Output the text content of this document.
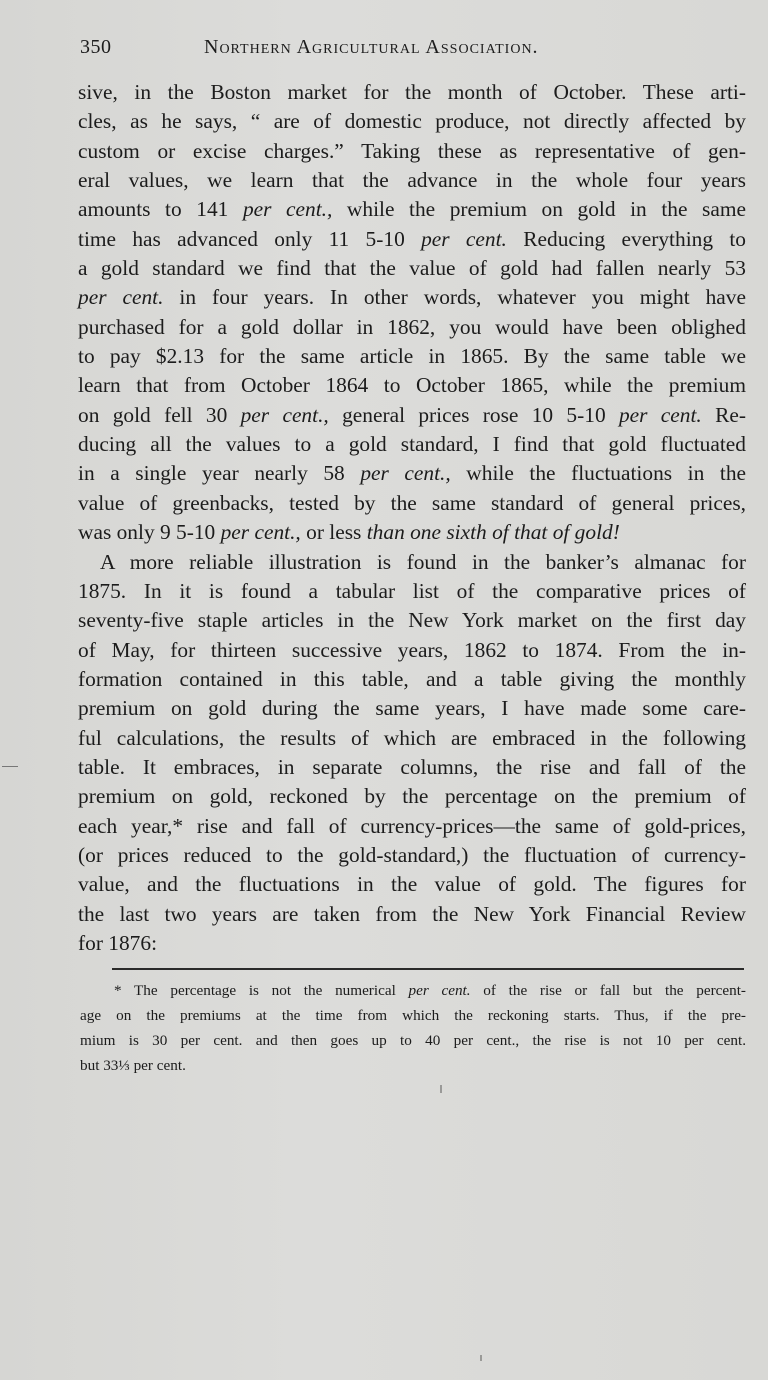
350	Northern Agricultural Association.
sive, in the Boston market for the month of October. These arti-
cles, as he says, “ are of domestic produce, not directly affected by
custom or excise charges.” Taking these as representative of gen-
eral values, we learn that the advance in the whole four years
amounts to 141 per cent., while the premium on gold in the same
time has advanced only 11 5-10 per cent. Reducing everything to
a gold standard we find that the value of gold had fallen nearly 53
per cent. in four years. In other words, whatever you might have
purchased for a gold dollar in 1862, you would have been oblighed
to pay $2.13 for the same article in 1865. By the same table we
learn that from October 1864 to October 1865, while the premium
on gold fell 30 per cent., general prices rose 10 5-10 per cent. Re-
ducing all the values to a gold standard, I find that gold fluctuated
in a single year nearly 58 per cent., while the fluctuations in the
value of greenbacks, tested by the same standard of general prices,
was only 9 5-10 per cent., or less than one sixth of that of gold!
A more reliable illustration is found in the banker’s almanac for
1875. In it is found a tabular list of the comparative prices of
seventy-five staple articles in the New York market on the first day
of May, for thirteen successive years, 1862 to 1874. From the in-
formation contained in this table, and a table giving the monthly
premium on gold during the same years, I have made some care-
ful calculations, the results of which are embraced in the following
table. It embraces, in separate columns, the rise and fall of the
premium on gold, reckoned by the percentage on the premium of
each year,* rise and fall of currency-prices—the same of gold-prices,
(or prices reduced to the gold-standard,) the fluctuation of currency-
value, and the fluctuations in the value of gold. The figures for
the last two years are taken from the New York Financial Review
for 1876:
* The percentage is not the numerical per cent. of the rise or fall but the percent-
age on the premiums at the time from which the reckoning starts. Thus, if the pre-
mium is 30 per cent. and then goes up to 40 per cent., the rise is not 10 per cent.
but 33⅓ per cent.
